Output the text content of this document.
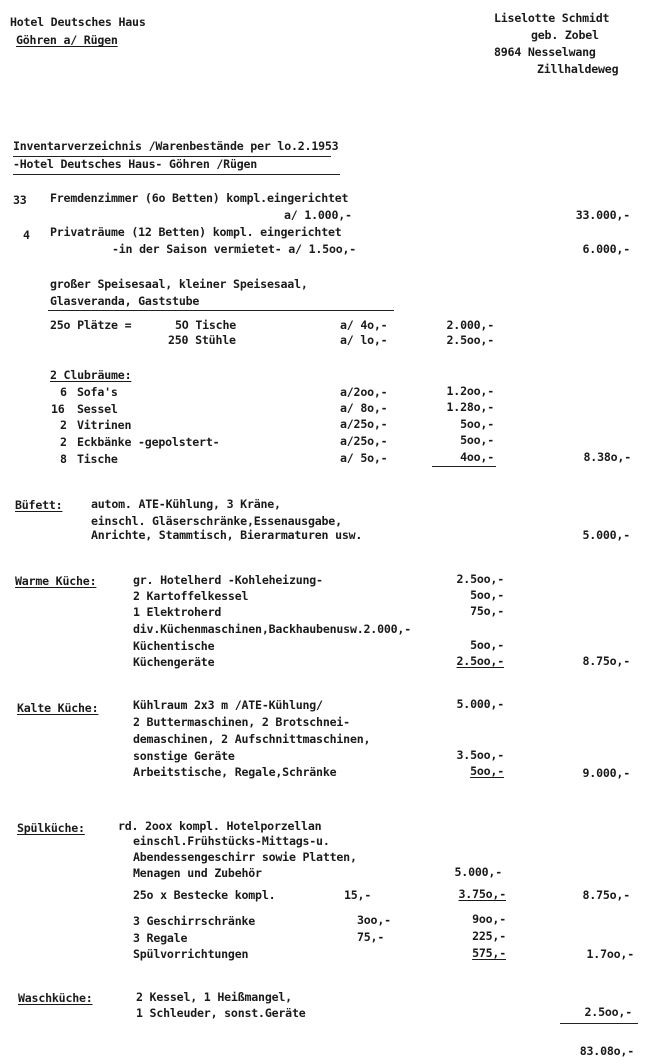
Hotel Deutsches Haus
Göhren a/ Rügen
Liselotte Schmidt
geb. Zobel
8964 Nesselwang
Zillhaldeweg
Inventarverzeichnis /Warenbestände per lo.2.1953
-Hotel Deutsches Haus- Göhren /Rügen
33 Fremdenzimmer (6o Betten) kompl.eingerichtet
a/ 1.000,-	33.000,-
4 Privaträume (12 Betten) kompl. eingerichtet
-in der Saison vermietet- a/ 1.5oo,-	6.000,-
großer Speisesaal, kleiner Speisesaal,
Glasveranda, Gaststube
25o Plätze =	5O Tische	a/ 4o,-	2.000,-
250 Stühle	a/ lo,-	2.5oo,-
2 Clubräume:
6 Sofa's	a/2oo,-	1.2oo,-
16 Sessel	a/ 8o,-	1.28o,-
2 Vitrinen	a/25o,-	5oo,-
2 Eckbänke -gepolstert-	a/25o,-	5oo,-
8 Tische	a/ 5o,-	4oo,-	8.38o,-
Büfett: autom. ATE-Kühlung, 3 Kräne,
einschl. Gläserschränke,Essenausgabe,
Anrichte, Stammtisch, Bierarmaturen usw.	5.000,-
Warme Küche:	gr. Hotelherd -Kohleheizung-	2.5oo,-
2 Kartoffelkessel	5oo,-
1 Elektroherd	75o,-
div.Küchenmaschinen,Backhaubenusw.2.000,-
Küchentische	5oo,-
Küchengeräte	2.5oo,-	8.75o,-
Kalte Küche:	Kühlraum 2x3 m /ATE-Kühlung/	5.000,-
2 Buttermaschinen, 2 Brotschnei-
demaschinen, 2 Aufschnittmaschinen,
sonstige Geräte	3.5oo,-
Arbeitstische, Regale,Schränke	5oo,-	9.000,-
Spülküche:	rd. 2oox kompl. Hotelporzellan
einschl.Frühstücks-Mittags-u.
Abendessengeschirr sowie Platten,
Menagen und Zubehör	5.000,-
25o x Bestecke kompl.	15,-	3.75o,-	8.75o,-
3 Geschirrschränke	3oo,-	9oo,-
3 Regale	75,-	225,-
Spülvorrichtungen	575,-	1.7oo,-
Waschküche:	2 Kessel, 1 Heißmangel,
1 Schleuder, sonst.Geräte	2.5oo,-
83.08o,-
